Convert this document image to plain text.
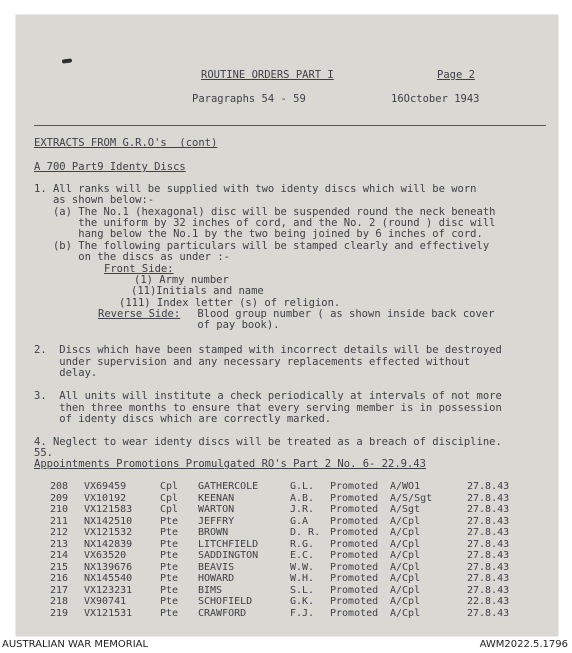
ROUTINE ORDERS PART I	Page 2
Paragraphs 54 - 59	16October 1943
EXTRACTS FROM G.R.O's  (cont)
A 700 Part9 Identy Discs
1. All ranks will be supplied with two identy discs which will be worn
as shown below:-
(a) The No.1 (hexagonal) disc will be suspended round the neck beneath
the uniform by 32 inches of cord, and the No. 2 (round ) disc will
hang below the No.1 by the two being joined by 6 inches of cord.
(b) The following particulars will be stamped clearly and effectively
on the discs as under :-
Front Side:
(1) Army number
(11)Initials and name
(111) Index letter (s) of religion.
Reverse Side: Blood group number ( as shown inside back cover
of pay book).
2.  Discs which have been stamped with incorrect details will be destroyed
under supervision and any necessary replacements effected without
delay.
3.  All units will institute a check periodically at intervals of not more
then three months to ensure that every serving member is in possession
of identy discs which are correctly marked.
4. Neglect to wear identy discs will be treated as a breach of discipline.
55.
Appointments Promotions Promulgated RO's Part 2 No. 6- 22.9.43
208 VX69459	Cpl GATHERCOLE	G.L. Promoted A/WO1	27.8.43
209 VX10192	Cpl KEENAN	A.B. Promoted A/S/Sgt	27.8.43
210 VX121583	Cpl WARTON	J.R. Promoted A/Sgt	27.8.43
211 NX142510	Pte JEFFRY	G.A Promoted A/Cpl	27.8.43
212 VX121532	Pte BROWN	D. R. Promoted A/Cpl	27.8.43
213 NX142839	Pte LITCHFIELD	R.G. Promoted A/Cpl	27.8.43
214 VX63520	Pte SADDINGTON	E.C. Promoted A/Cpl	27.8.43
215 NX139676	Pte BEAVIS	W.W. Promoted A/Cpl	27.8.43
216 NX145540	Pte HOWARD	W.H. Promoted A/Cpl	27.8.43
217 VX123231	Pte BIMS	S.L. Promoted A/Cpl	27.8.43
218 VX90741	Pte SCHOFIELD	G.K. Promoted A/Cpl	22.8.43
219 VX121531	Pte CRAWFORD	F.J. Promoted A/Cpl	27.8.43
AUSTRALIAN WAR MEMORIAL	AWM2022.5.1796
